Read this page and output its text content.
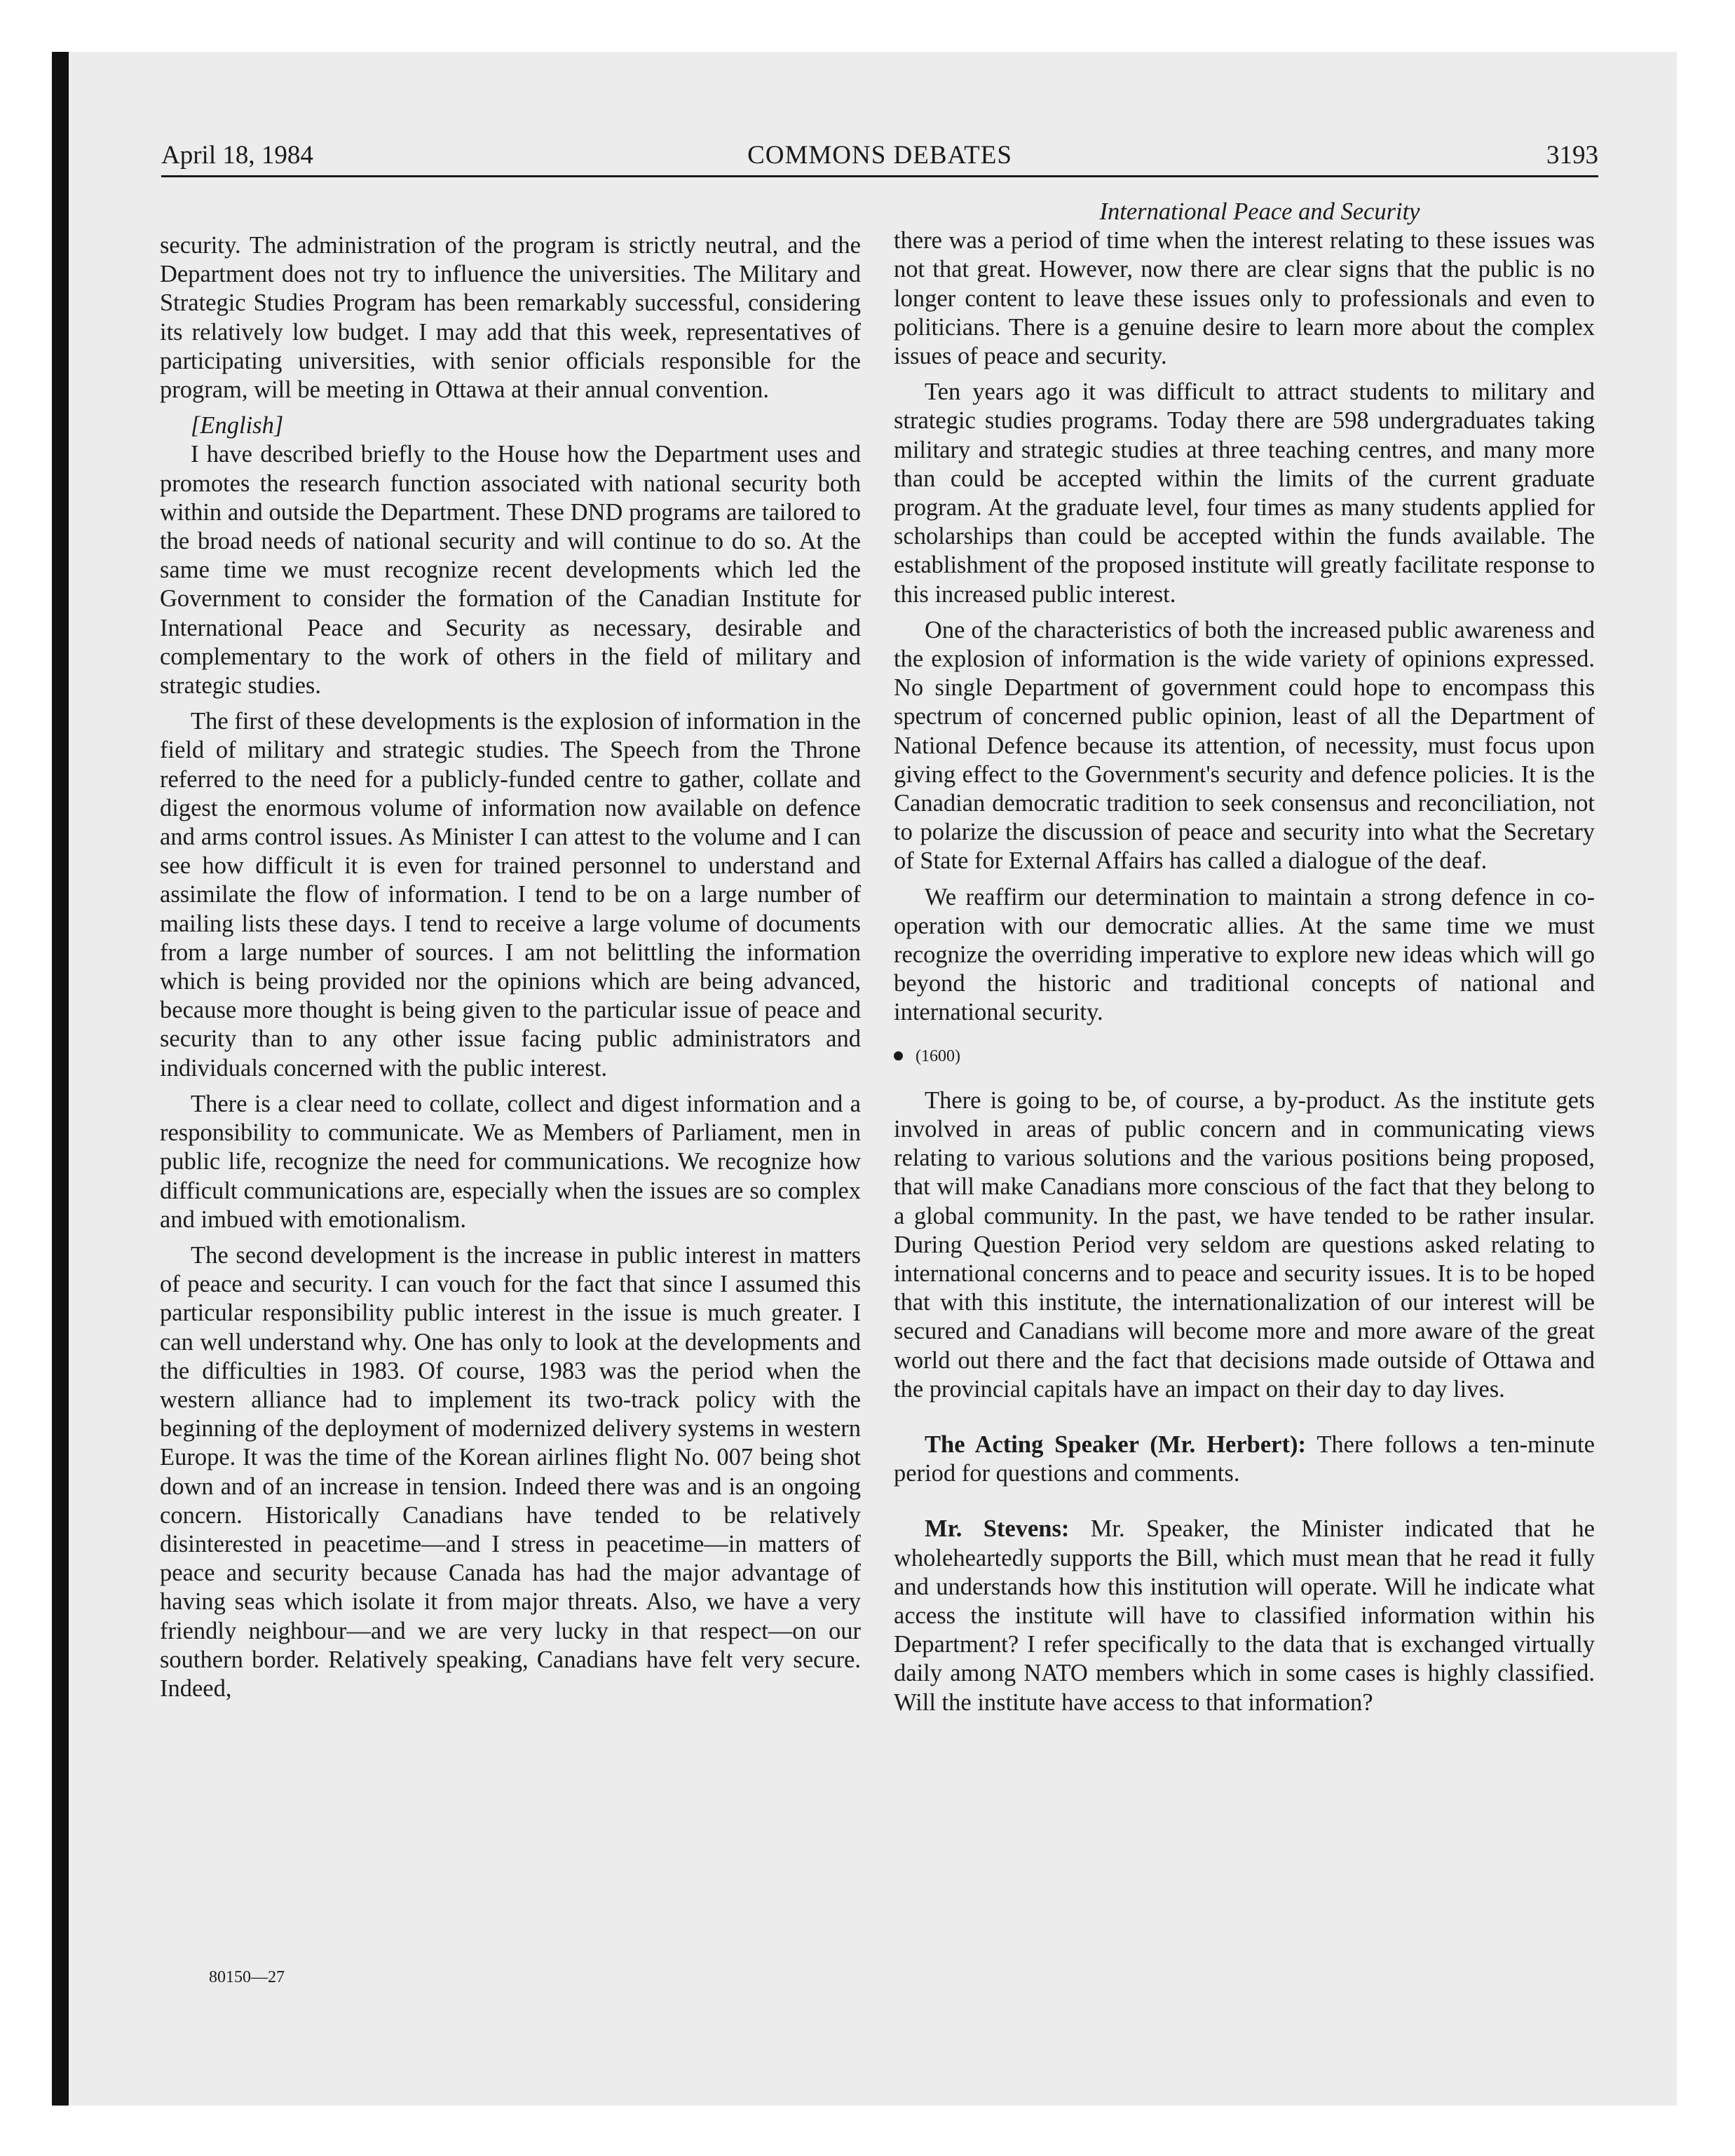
April 18, 1984	COMMONS DEBATES	3193

security. The administration of the program is strictly neutral, and the Department does not try to influence the universities. The Military and Strategic Studies Program has been remarkably successful, considering its relatively low budget. I may add that this week, representatives of participating universities, with senior officials responsible for the program, will be meeting in Ottawa at their annual convention.

[English]

I have described briefly to the House how the Department uses and promotes the research function associated with national security both within and outside the Department. These DND programs are tailored to the broad needs of national security and will continue to do so. At the same time we must recognize recent developments which led the Government to consider the formation of the Canadian Institute for International Peace and Security as necessary, desirable and complementary to the work of others in the field of military and strategic studies.

The first of these developments is the explosion of information in the field of military and strategic studies. The Speech from the Throne referred to the need for a publicly-funded centre to gather, collate and digest the enormous volume of information now available on defence and arms control issues. As Minister I can attest to the volume and I can see how difficult it is even for trained personnel to understand and assimilate the flow of information. I tend to be on a large number of mailing lists these days. I tend to receive a large volume of documents from a large number of sources. I am not belittling the information which is being provided nor the opinions which are being advanced, because more thought is being given to the particular issue of peace and security than to any other issue facing public administrators and individuals concerned with the public interest.

There is a clear need to collate, collect and digest information and a responsibility to communicate. We as Members of Parliament, men in public life, recognize the need for communications. We recognize how difficult communications are, especially when the issues are so complex and imbued with emotionalism.

The second development is the increase in public interest in matters of peace and security. I can vouch for the fact that since I assumed this particular responsibility public interest in the issue is much greater. I can well understand why. One has only to look at the developments and the difficulties in 1983. Of course, 1983 was the period when the western alliance had to implement its two-track policy with the beginning of the deployment of modernized delivery systems in western Europe. It was the time of the Korean airlines flight No. 007 being shot down and of an increase in tension. Indeed there was and is an ongoing concern. Historically Canadians have tended to be relatively disinterested in peacetime—and I stress in peacetime—in matters of peace and security because Canada has had the major advantage of having seas which isolate it from major threats. Also, we have a very friendly neighbour—and we are very lucky in that respect—on our southern border. Relatively speaking, Canadians have felt very secure. Indeed,

International Peace and Security

there was a period of time when the interest relating to these issues was not that great. However, now there are clear signs that the public is no longer content to leave these issues only to professionals and even to politicians. There is a genuine desire to learn more about the complex issues of peace and security.

Ten years ago it was difficult to attract students to military and strategic studies programs. Today there are 598 undergraduates taking military and strategic studies at three teaching centres, and many more than could be accepted within the limits of the current graduate program. At the graduate level, four times as many students applied for scholarships than could be accepted within the funds available. The establishment of the proposed institute will greatly facilitate response to this increased public interest.

One of the characteristics of both the increased public awareness and the explosion of information is the wide variety of opinions expressed. No single Department of government could hope to encompass this spectrum of concerned public opinion, least of all the Department of National Defence because its attention, of necessity, must focus upon giving effect to the Government's security and defence policies. It is the Canadian democratic tradition to seek consensus and reconciliation, not to polarize the discussion of peace and security into what the Secretary of State for External Affairs has called a dialogue of the deaf.

We reaffirm our determination to maintain a strong defence in co-operation with our democratic allies. At the same time we must recognize the overriding imperative to explore new ideas which will go beyond the historic and traditional concepts of national and international security.

(1600)

There is going to be, of course, a by-product. As the institute gets involved in areas of public concern and in communicating views relating to various solutions and the various positions being proposed, that will make Canadians more conscious of the fact that they belong to a global community. In the past, we have tended to be rather insular. During Question Period very seldom are questions asked relating to international concerns and to peace and security issues. It is to be hoped that with this institute, the internationalization of our interest will be secured and Canadians will become more and more aware of the great world out there and the fact that decisions made outside of Ottawa and the provincial capitals have an impact on their day to day lives.

The Acting Speaker (Mr. Herbert): There follows a ten-minute period for questions and comments.

Mr. Stevens: Mr. Speaker, the Minister indicated that he wholeheartedly supports the Bill, which must mean that he read it fully and understands how this institution will operate. Will he indicate what access the institute will have to classified information within his Department? I refer specifically to the data that is exchanged virtually daily among NATO members which in some cases is highly classified. Will the institute have access to that information?

80150—27
